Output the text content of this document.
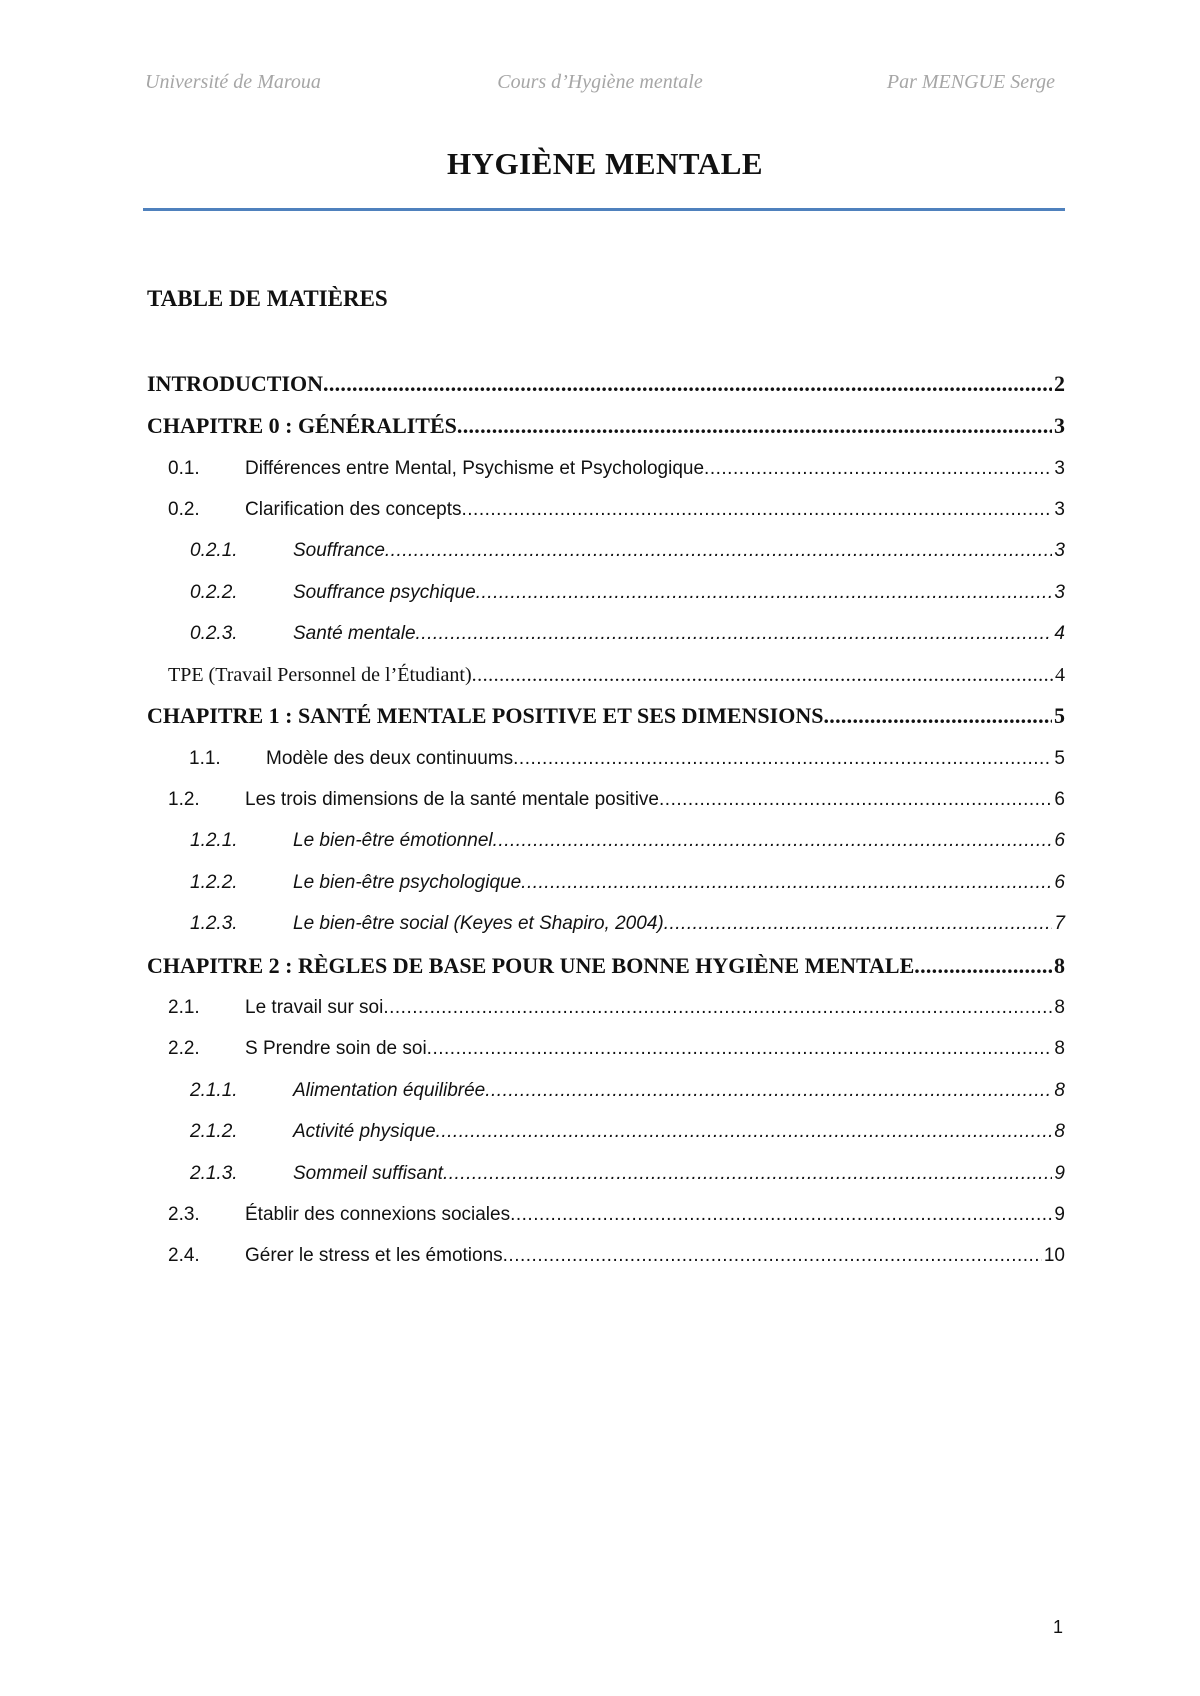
Université de Maroua	Cours d’Hygiène mentale	Par MENGUE Serge
HYGIÈNE MENTALE
TABLE DE MATIÈRES
INTRODUCTION .....	2
CHAPITRE 0 : GÉNÉRALITÉS .....	3
0.1.	Différences entre Mental, Psychisme et Psychologique .....	3
0.2.	Clarification des concepts .....	3
0.2.1.	Souffrance .....	3
0.2.2.	Souffrance psychique .....	3
0.2.3.	Santé mentale .....	4
TPE (Travail Personnel de l’Étudiant) .....	4
CHAPITRE 1 : SANTÉ MENTALE POSITIVE ET SES DIMENSIONS .....	5
1.1.	Modèle des deux continuums .....	5
1.2.	Les trois dimensions de la santé mentale positive .....	6
1.2.1.	Le bien-être émotionnel .....	6
1.2.2.	Le bien-être psychologique .....	6
1.2.3.	Le bien-être social (Keyes et Shapiro, 2004) .....	7
CHAPITRE 2 : RÈGLES DE BASE POUR UNE BONNE HYGIÈNE MENTALE .....	8
2.1.	Le travail sur soi .....	8
2.2.	S Prendre soin de soi .....	8
2.1.1.	Alimentation équilibrée .....	8
2.1.2.	Activité physique .....	8
2.1.3.	Sommeil suffisant .....	9
2.3.	Établir des connexions sociales .....	9
2.4.	Gérer le stress et les émotions .....	10
1
